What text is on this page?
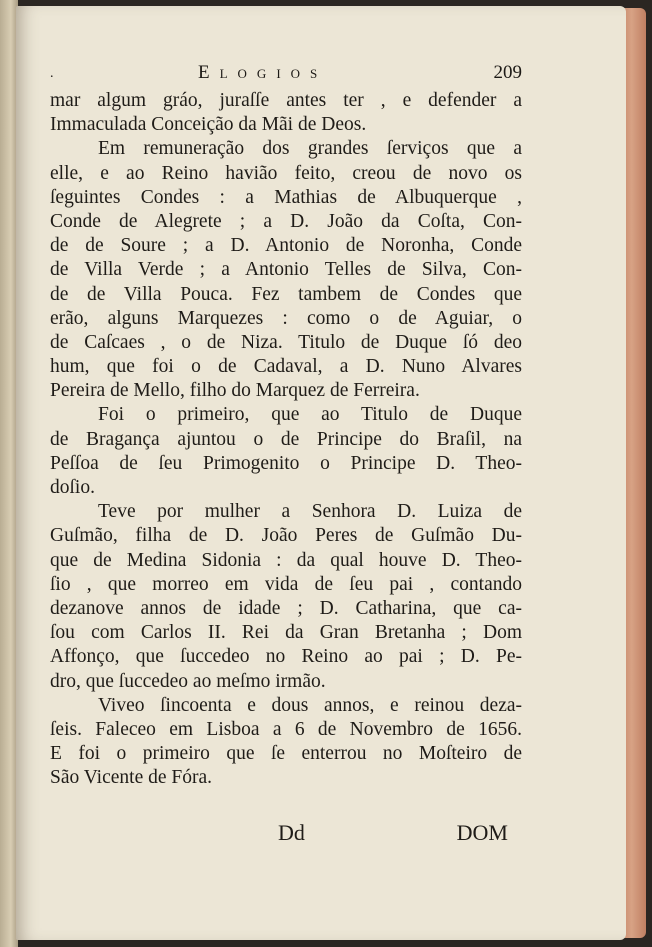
.	Elogios	209
mar algum gráo, juraſſe antes ter , e defender a
Immaculada Conceição da Mãi de Deos.
Em remuneração dos grandes ſerviços que a
elle, e ao Reino havião feito, creou de novo os
ſeguintes Condes : a Mathias de Albuquerque ,
Conde de Alegrete ; a D. João da Coſta, Con-
de de Soure ; a D. Antonio de Noronha, Conde
de Villa Verde ; a Antonio Telles de Silva, Con-
de de Villa Pouca. Fez tambem de Condes que
erão, alguns Marquezes : como o de Aguiar, o
de Caſcaes , o de Niza. Titulo de Duque ſó deo
hum, que foi o de Cadaval, a D. Nuno Alvares
Pereira de Mello, filho do Marquez de Ferreira.
Foi o primeiro, que ao Titulo de Duque
de Bragança ajuntou o de Principe do Braſil, na
Peſſoa de ſeu Primogenito o Principe D. Theo-
doſio.
Teve por mulher a Senhora D. Luiza de
Guſmão, filha de D. João Peres de Guſmão Du-
que de Medina Sidonia : da qual houve D. Theo-
ſio , que morreo em vida de ſeu pai , contando
dezanove annos de idade ; D. Catharina, que ca-
ſou com Carlos II. Rei da Gran Bretanha ; Dom
Affonço, que ſuccedeo no Reino ao pai ; D. Pe-
dro, que ſuccedeo ao meſmo irmão.
Viveo ſincoenta e dous annos, e reinou deza-
ſeis. Faleceo em Lisboa a 6 de Novembro de 1656.
E foi o primeiro que ſe enterrou no Moſteiro de
São Vicente de Fóra.
Dd	DOM
